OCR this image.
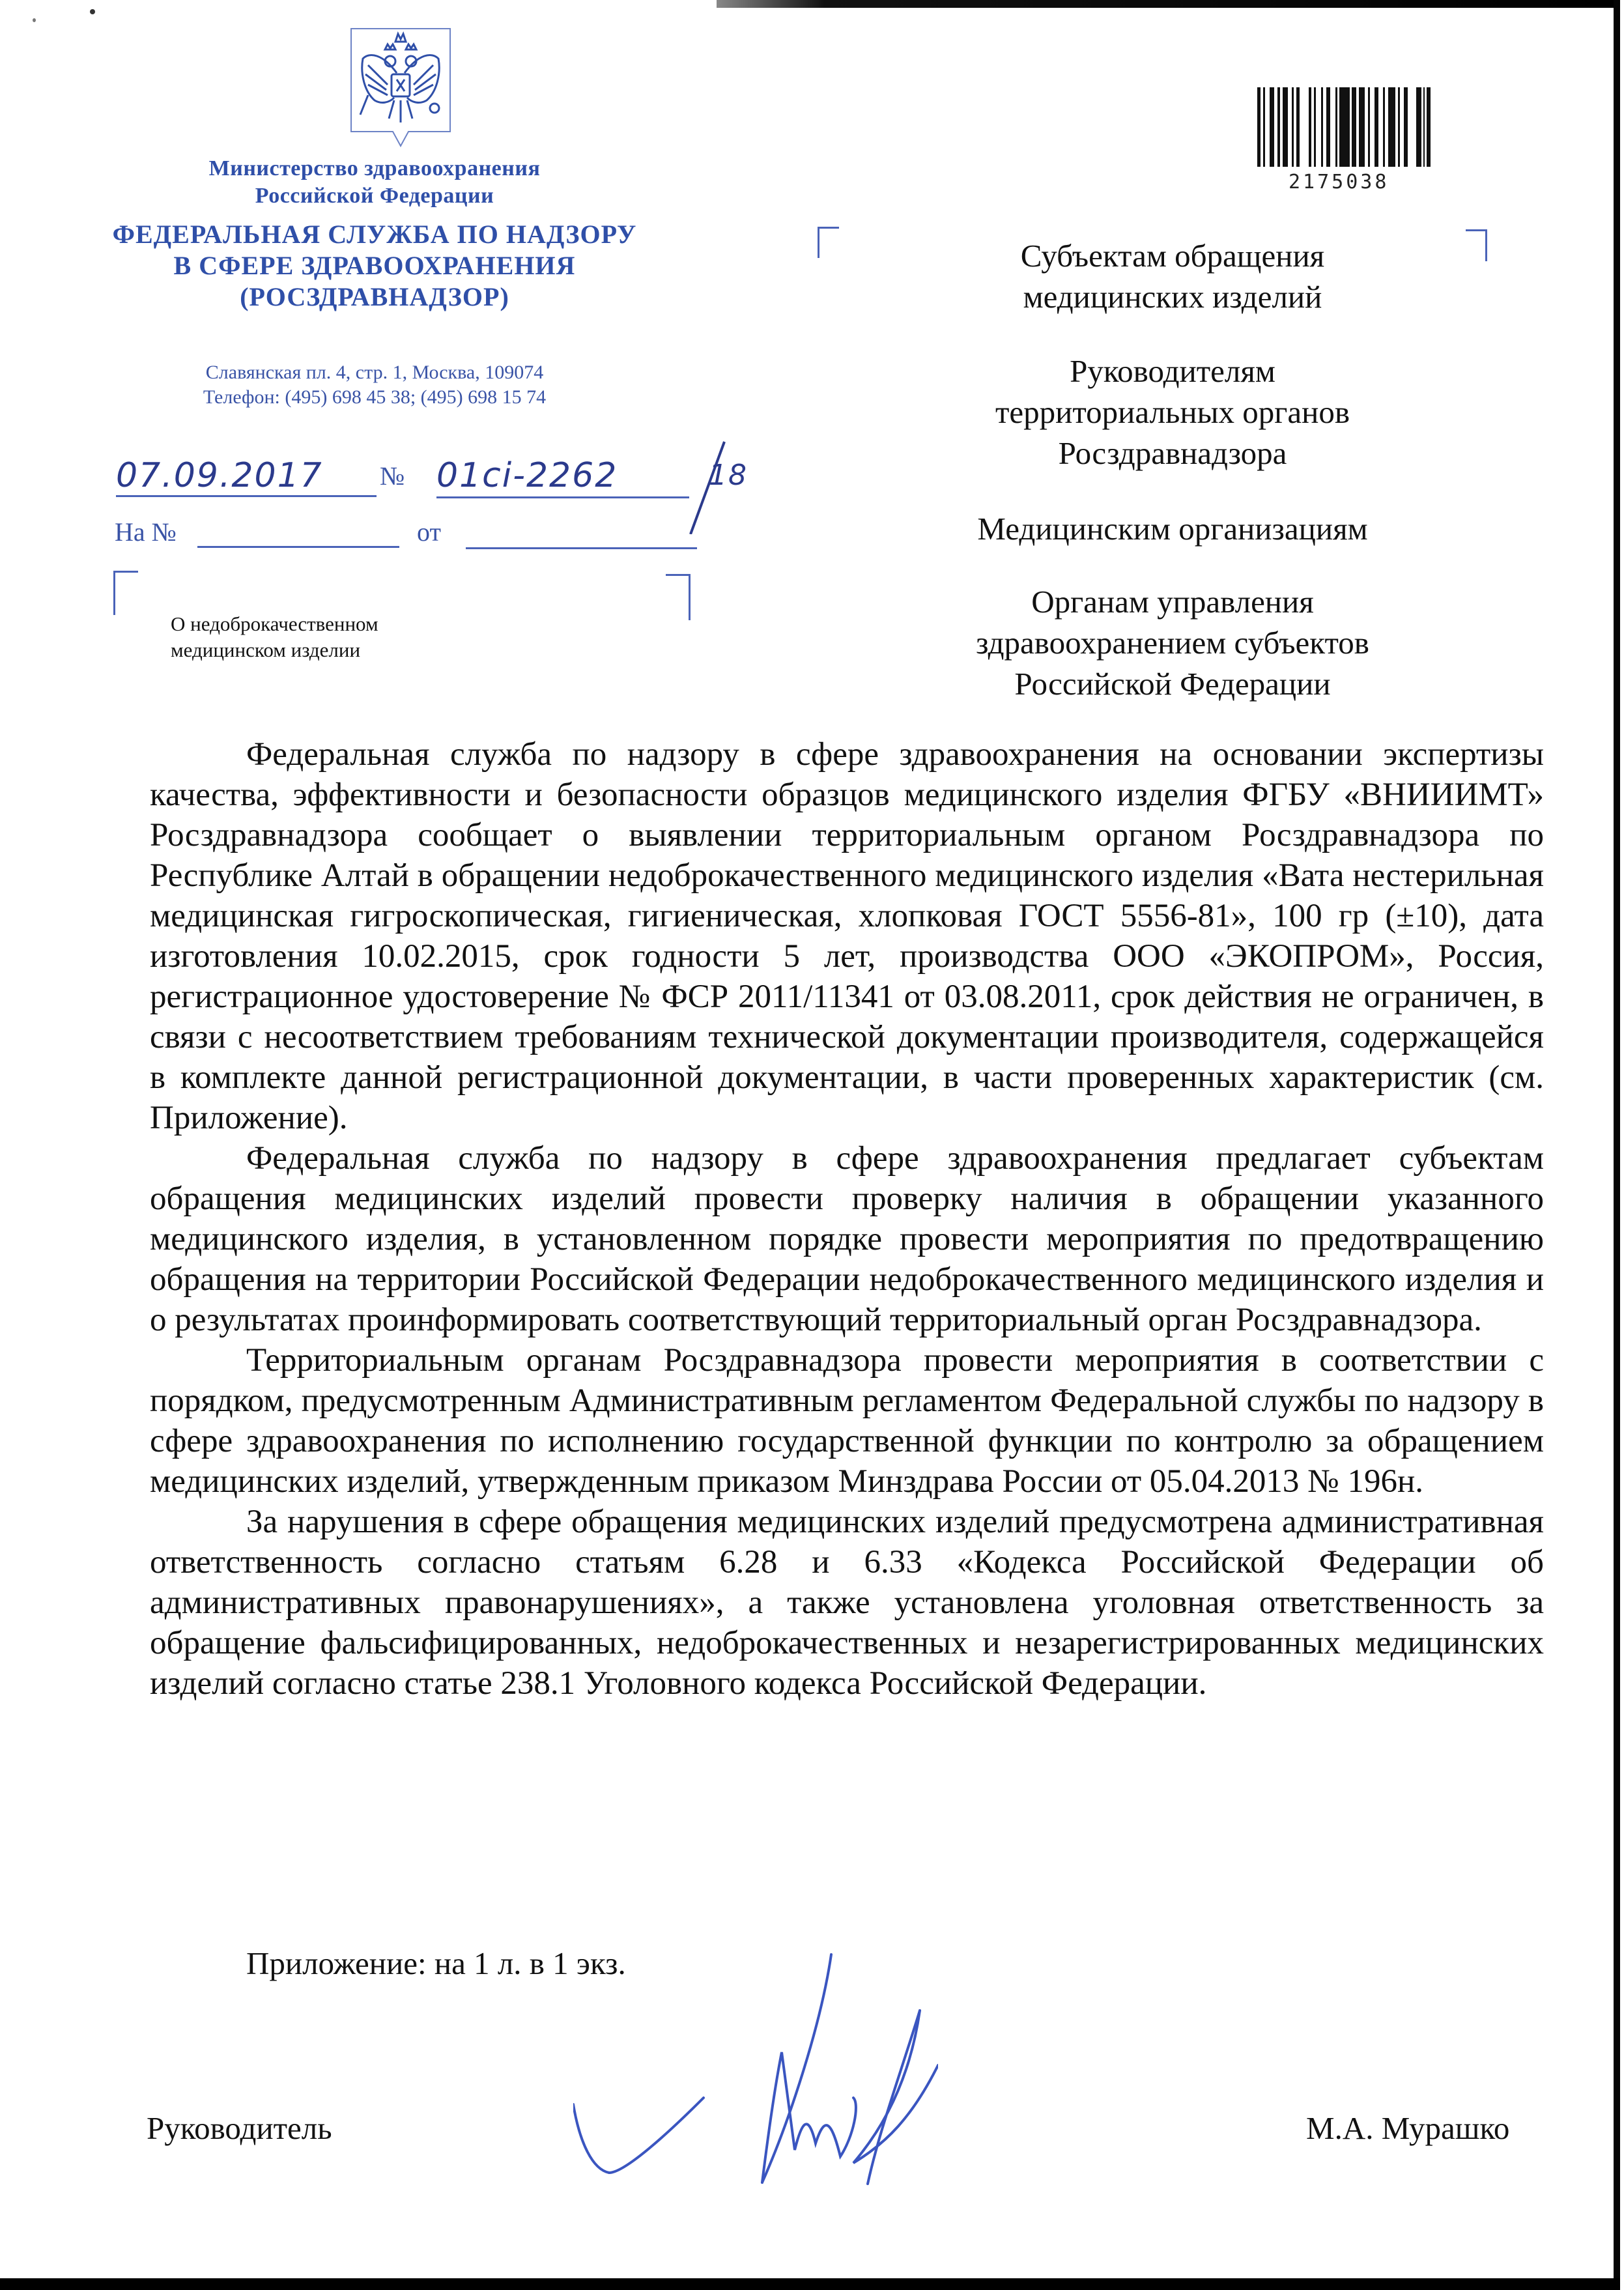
Министерство здравоохранения
Российской Федерации
ФЕДЕРАЛЬНАЯ СЛУЖБА ПО НАДЗОРУ
В СФЕРЕ ЗДРАВООХРАНЕНИЯ
(РОСЗДРАВНАДЗОР)
Славянская пл. 4, стр. 1, Москва, 109074
Телефон: (495) 698 45 38; (495) 698 15 74
07.09.2017	№ 01сі-2262	18
На №	от
О недоброкачественном
медицинском изделии
2175038
Субъектам обращения
медицинских изделий
Руководителям
территориальных органов
Росздравнадзора
Медицинским организациям
Органам управления
здравоохранением субъектов
Российской Федерации

Федеральная служба по надзору в сфере здравоохранения на основании экспертизы качества, эффективности и безопасности образцов медицинского изделия ФГБУ «ВНИИИМТ» Росздравнадзора сообщает о выявлении территориальным органом Росздравнадзора по Республике Алтай в обращении недоброкачественного медицинского изделия «Вата нестерильная медицинская гигроскопическая, гигиеническая, хлопковая ГОСТ 5556-81», 100 гр (±10), дата изготовления 10.02.2015, срок годности 5 лет, производства ООО «ЭКОПРОМ», Россия, регистрационное удостоверение № ФСР 2011/11341 от 03.08.2011, срок действия не ограничен, в связи с несоответствием требованиям технической документации производителя, содержащейся в комплекте данной регистрационной документации, в части проверенных характеристик (см. Приложение).

Федеральная служба по надзору в сфере здравоохранения предлагает субъектам обращения медицинских изделий провести проверку наличия в обращении указанного медицинского изделия, в установленном порядке провести мероприятия по предотвращению обращения на территории Российской Федерации недоброкачественного медицинского изделия и о результатах проинформировать соответствующий территориальный орган Росздравнадзора.

Территориальным органам Росздравнадзора провести мероприятия в соответствии с порядком, предусмотренным Административным регламентом Федеральной службы по надзору в сфере здравоохранения по исполнению государственной функции по контролю за обращением медицинских изделий, утвержденным приказом Минздрава России от 05.04.2013 № 196н.

За нарушения в сфере обращения медицинских изделий предусмотрена административная ответственность согласно статьям 6.28 и 6.33 «Кодекса Российской Федерации об административных правонарушениях», а также установлена уголовная ответственность за обращение фальсифицированных, недоброкачественных и незарегистрированных медицинских изделий согласно статье 238.1 Уголовного кодекса Российской Федерации.

Приложение: на 1 л. в 1 экз.
Руководитель	М.А. Мурашко
